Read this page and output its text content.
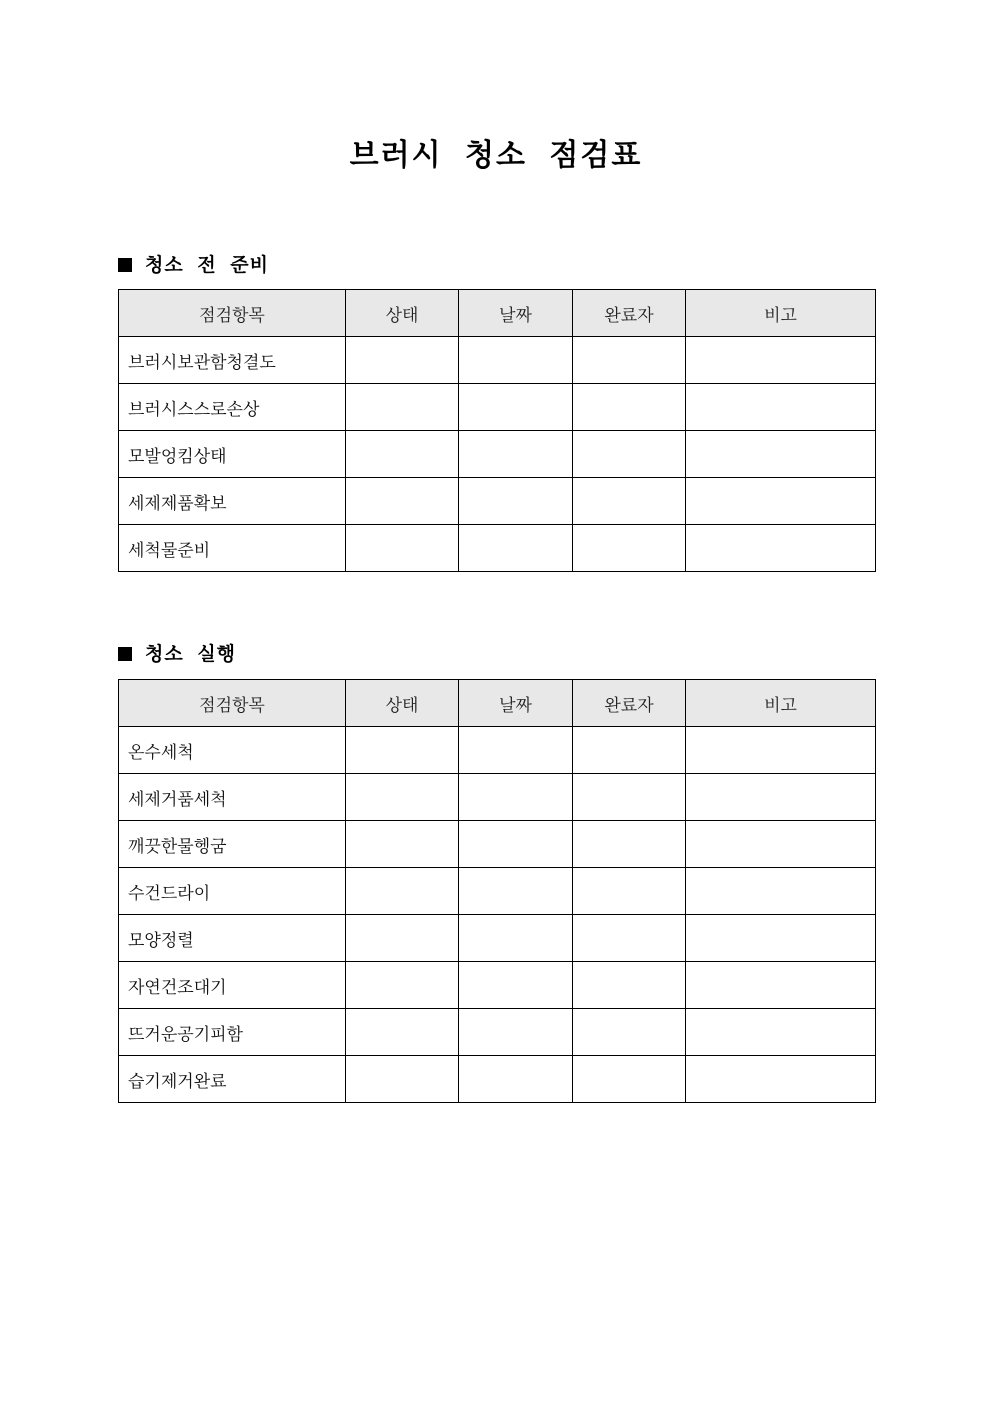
브러시 청소 점검표
청소 전 준비
점검항목	상태	날짜	완료자	비고
브러시보관함청결도				
브러시스스로손상				
모발엉킴상태				
세제제품확보				
세척물준비				
청소 실행
점검항목	상태	날짜	완료자	비고
온수세척				
세제거품세척				
깨끗한물헹굼				
수건드라이				
모양정렬				
자연건조대기				
뜨거운공기피함				
습기제거완료				
